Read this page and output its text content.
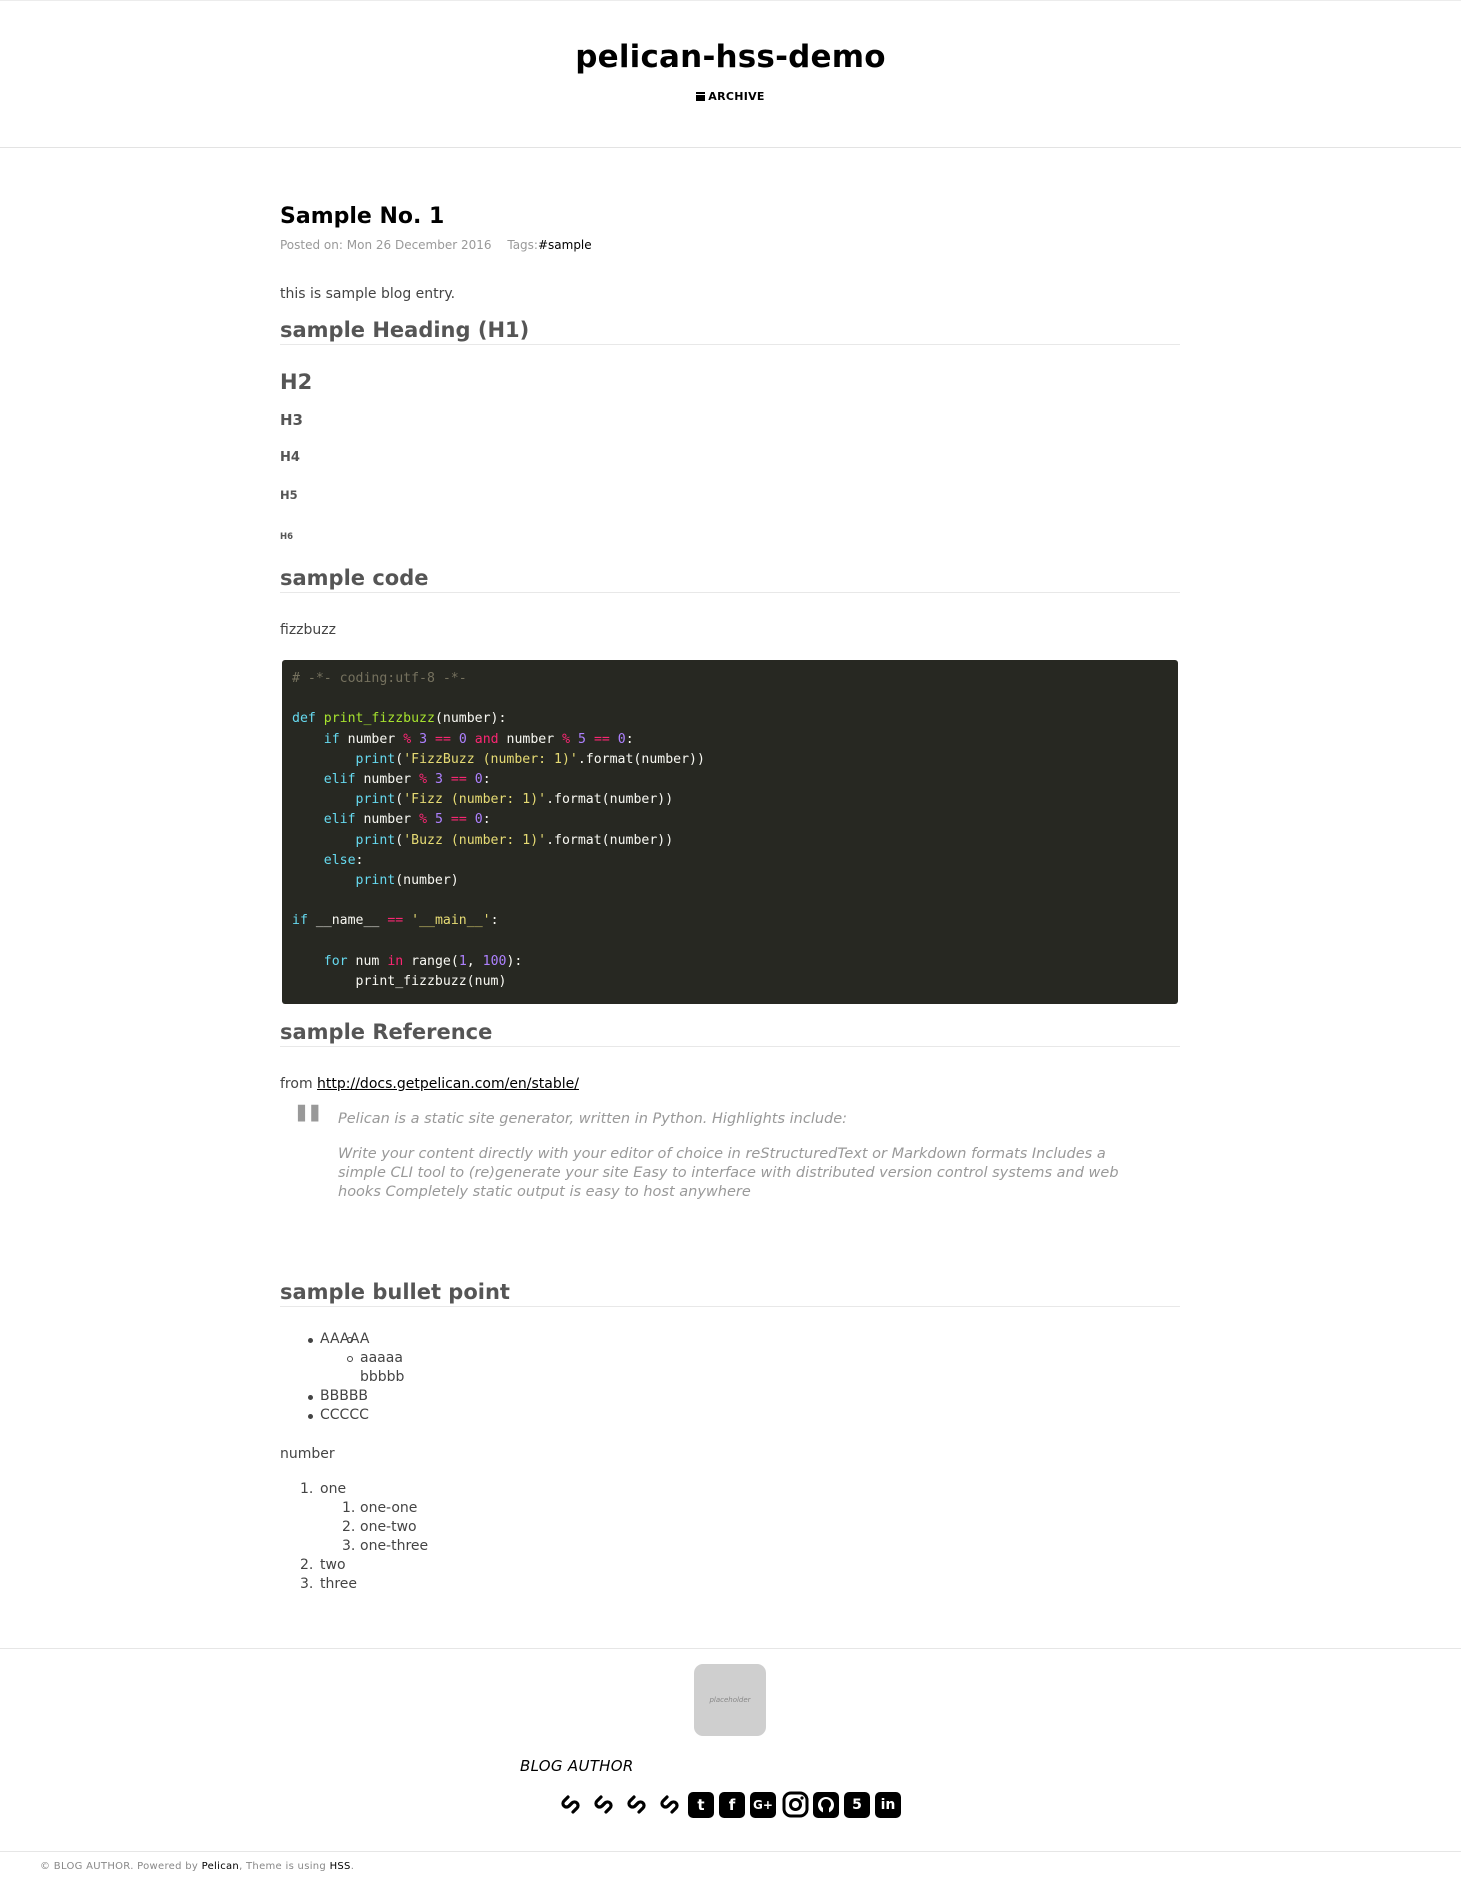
pelican-hss-demo
ARCHIVE
Sample No. 1
Posted on: Mon 26 December 2016 Tags:#sample

this is sample blog entry.

sample Heading (H1)
H2
H3
H4
H5
H6
sample code

fizzbuzz

# -*- coding:utf-8 -*-

def print_fizzbuzz(number):
if number % 3 == 0 and number % 5 == 0:
print('FizzBuzz (number: 1)'.format(number))
elif number % 3 == 0:
print('Fizz (number: 1)'.format(number))
elif number % 5 == 0:
print('Buzz (number: 1)'.format(number))
else:
print(number)

if __name__ == '__main__':

for num in range(1, 100):
print_fizzbuzz(num)
sample Reference

from http://docs.getpelican.com/en/stable/

" Pelican is a static site generator, written in Python. Highlights include:

Write your content directly with your editor of choice in reStructuredText or Markdown formats Includes a simple CLI tool to (re)generate your site Easy to interface with distributed version control systems and web hooks Completely static output is easy to host anywhere

sample bullet point
AAAAA
aaaaa
bbbbb
BBBBB
CCCCC

number

1. one
1. one-one
2. one-two
3. one-three
2. two
3. three
placeholder
BLOG AUTHOR
t	f	G+	5	in
© BLOG AUTHOR. Powered by Pelican, Theme is using HSS.
